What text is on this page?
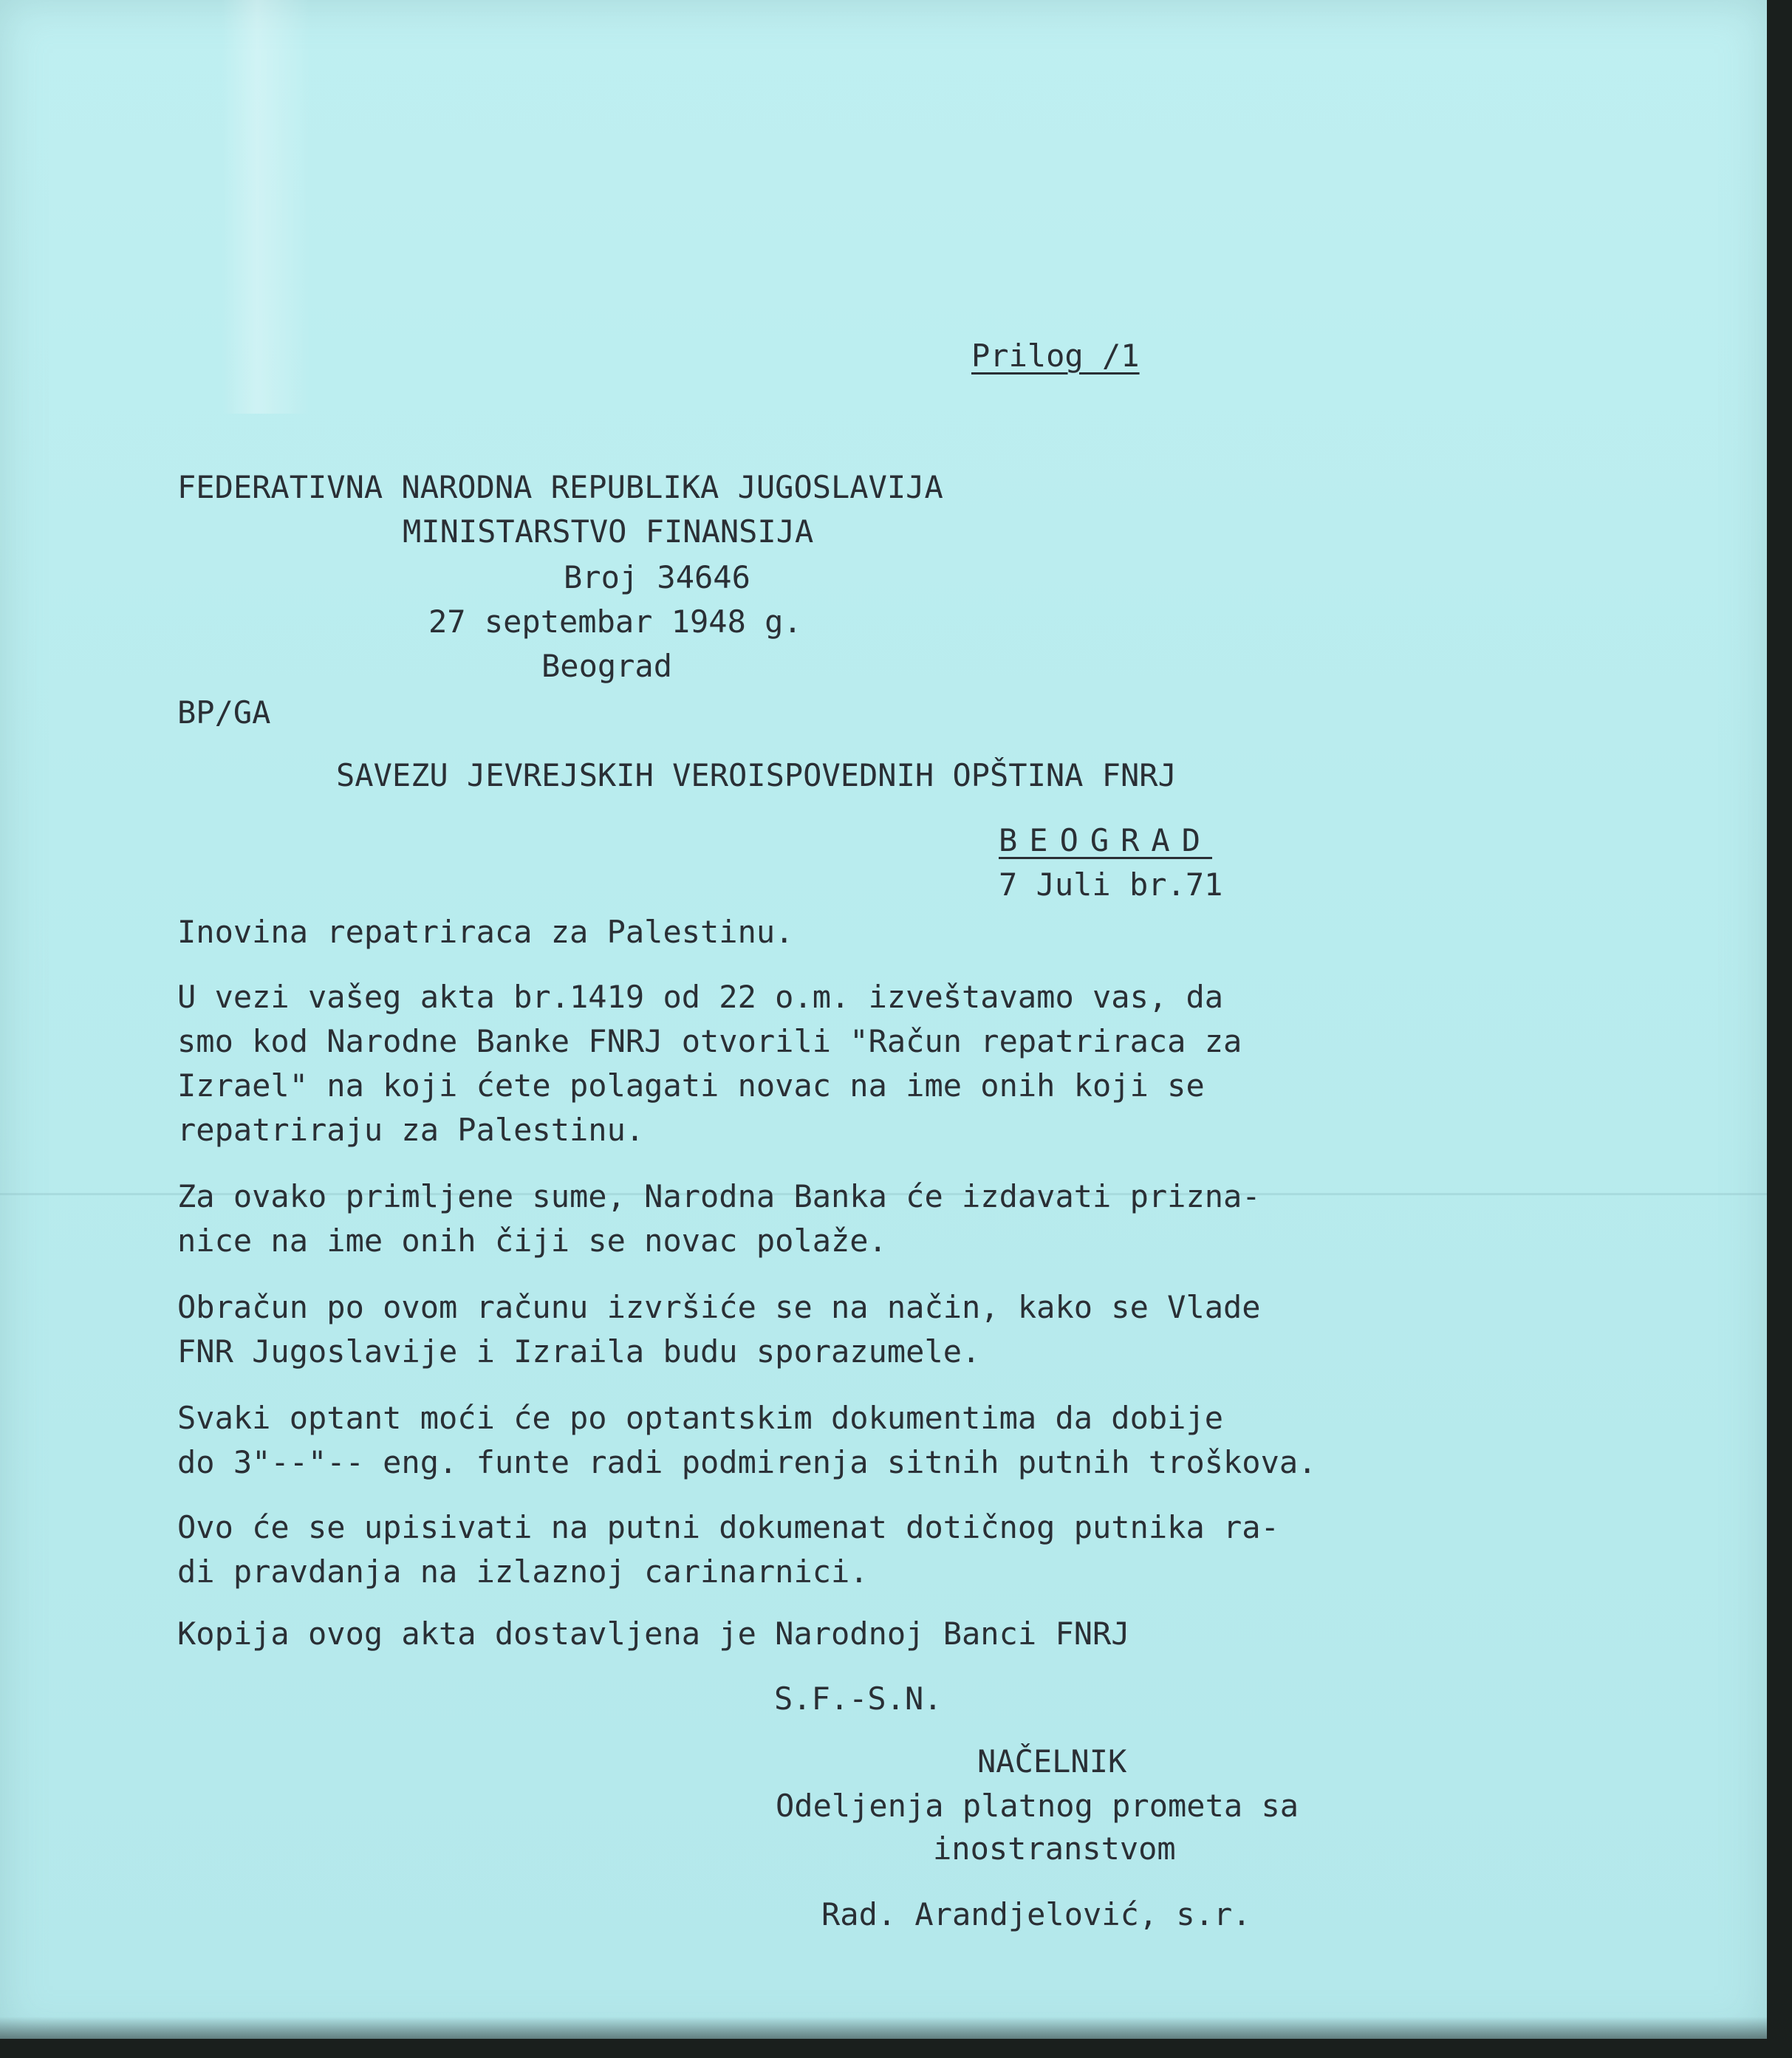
Prilog /1

FEDERATIVNA NARODNA REPUBLIKA JUGOSLAVIJA

MINISTARSTVO FINANSIJA

Broj 34646

27 septembar 1948 g.

Beograd

BP/GA

SAVEZU JEVREJSKIH VEROISPOVEDNIH OPŠTINA FNRJ

BEOGRAD

7 Juli br.71

Inovina repatriraca za Palestinu.

U vezi vašeg akta br.1419 od 22 o.m. izveštavamo vas, da

smo kod Narodne Banke FNRJ otvorili "Račun repatriraca za

Izrael" na koji ćete polagati novac na ime onih koji se

repatriraju za Palestinu.

Za ovako primljene sume, Narodna Banka će izdavati prizna-

nice na ime onih čiji se novac polaže.

Obračun po ovom računu izvršiće se na način, kako se Vlade

FNR Jugoslavije i Izraila budu sporazumele.

Svaki optant moći će po optantskim dokumentima da dobije

do 3"--"-- eng. funte radi podmirenja sitnih putnih troškova.

Ovo će se upisivati na putni dokumenat dotičnog putnika ra-

di pravdanja na izlaznoj carinarnici.

Kopija ovog akta dostavljena je Narodnoj Banci FNRJ

S.F.-S.N.

NAČELNIK

Odeljenja platnog prometa sa

inostranstvom

Rad. Arandjelović, s.r.
